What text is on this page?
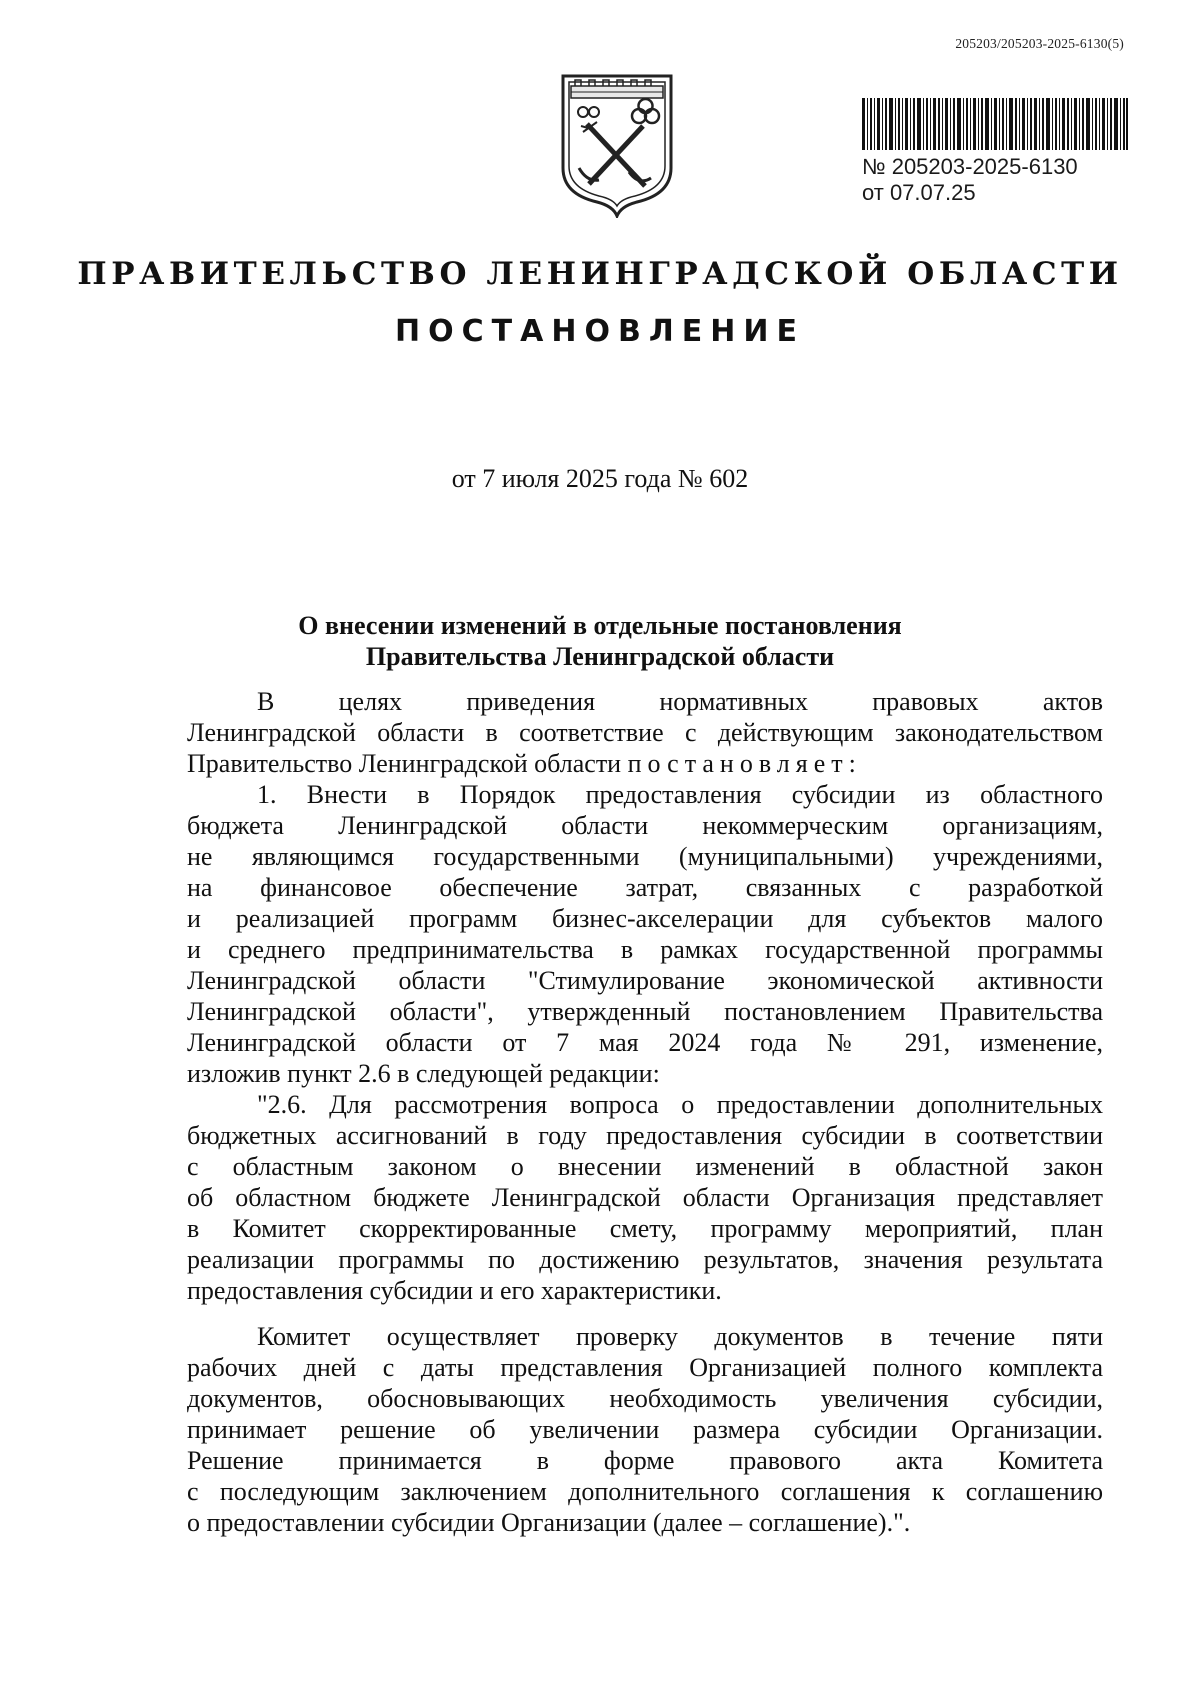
205203/205203-2025-6130(5)
№ 205203-2025-6130
от 07.07.25
ПРАВИТЕЛЬСТВО ЛЕНИНГРАДСКОЙ ОБЛАСТИ
ПОСТАНОВЛЕНИЕ
от 7 июля 2025 года № 602
О внесении изменений в отдельные постановления
Правительства Ленинградской области
В целях приведения нормативных правовых актов
Ленинградской области в соответствие с действующим законодательством
Правительство Ленинградской области постановляет:
1. Внести в Порядок предоставления субсидии из областного
бюджета Ленинградской области некоммерческим организациям,
не являющимся государственными (муниципальными) учреждениями,
на финансовое обеспечение затрат, связанных с разработкой
и реализацией программ бизнес-акселерации для субъектов малого
и среднего предпринимательства в рамках государственной программы
Ленинградской области "Стимулирование экономической активности
Ленинградской области", утвержденный постановлением Правительства
Ленинградской области от 7 мая 2024 года № 291, изменение,
изложив пункт 2.6 в следующей редакции:
"2.6. Для рассмотрения вопроса о предоставлении дополнительных
бюджетных ассигнований в году предоставления субсидии в соответствии
с областным законом о внесении изменений в областной закон
об областном бюджете Ленинградской области Организация представляет
в Комитет скорректированные смету, программу мероприятий, план
реализации программы по достижению результатов, значения результата
предоставления субсидии и его характеристики.
Комитет осуществляет проверку документов в течение пяти
рабочих дней с даты представления Организацией полного комплекта
документов, обосновывающих необходимость увеличения субсидии,
принимает решение об увеличении размера субсидии Организации.
Решение принимается в форме правового акта Комитета
с последующим заключением дополнительного соглашения к соглашению
о предоставлении субсидии Организации (далее – соглашение).".
